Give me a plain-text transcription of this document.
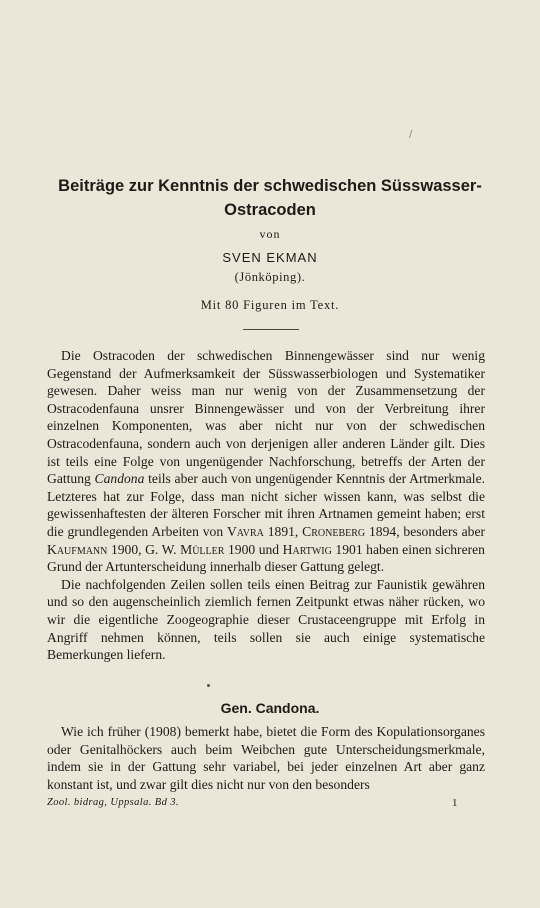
/
Beiträge zur Kenntnis der schwedischen Süsswasser-Ostracoden
von
SVEN EKMAN
(Jönköping).
Mit 80 Figuren im Text.

Die Ostracoden der schwedischen Binnengewässer sind nur wenig Gegenstand der Aufmerksamkeit der Süsswasserbiologen und Systematiker gewesen. Daher weiss man nur wenig von der Zusammensetzung der Ostracodenfauna unsrer Binnengewässer und von der Verbreitung ihrer einzelnen Komponenten, was aber nicht nur von der schwedischen Ostracodenfauna, sondern auch von derjenigen aller anderen Länder gilt. Dies ist teils eine Folge von ungenügender Nachforschung, betreffs der Arten der Gattung Candona teils aber auch von ungenügender Kenntnis der Artmerkmale. Letzteres hat zur Folge, dass man nicht sicher wissen kann, was selbst die gewissenhaftesten der älteren Forscher mit ihren Artnamen gemeint haben; erst die grundlegenden Arbeiten von Vavra 1891, Croneberg 1894, besonders aber Kaufmann 1900, G. W. Müller 1900 und Hartwig 1901 haben einen sichreren Grund der Artunterscheidung innerhalb dieser Gattung gelegt.

Die nachfolgenden Zeilen sollen teils einen Beitrag zur Faunistik gewähren und so den augenscheinlich ziemlich fernen Zeitpunkt etwas näher rücken, wo wir die eigentliche Zoogeographie dieser Crustaceengruppe mit Erfolg in Angriff nehmen können, teils sollen sie auch einige systematische Bemerkungen liefern.

Gen. Candona.

Wie ich früher (1908) bemerkt habe, bietet die Form des Kopulationsorganes oder Genitalhöckers auch beim Weibchen gute Unterscheidungsmerkmale, indem sie in der Gattung sehr variabel, bei jeder einzelnen Art aber ganz konstant ist, und zwar gilt dies nicht nur von den besonders

Zool. bidrag, Uppsala. Bd 3.	1
